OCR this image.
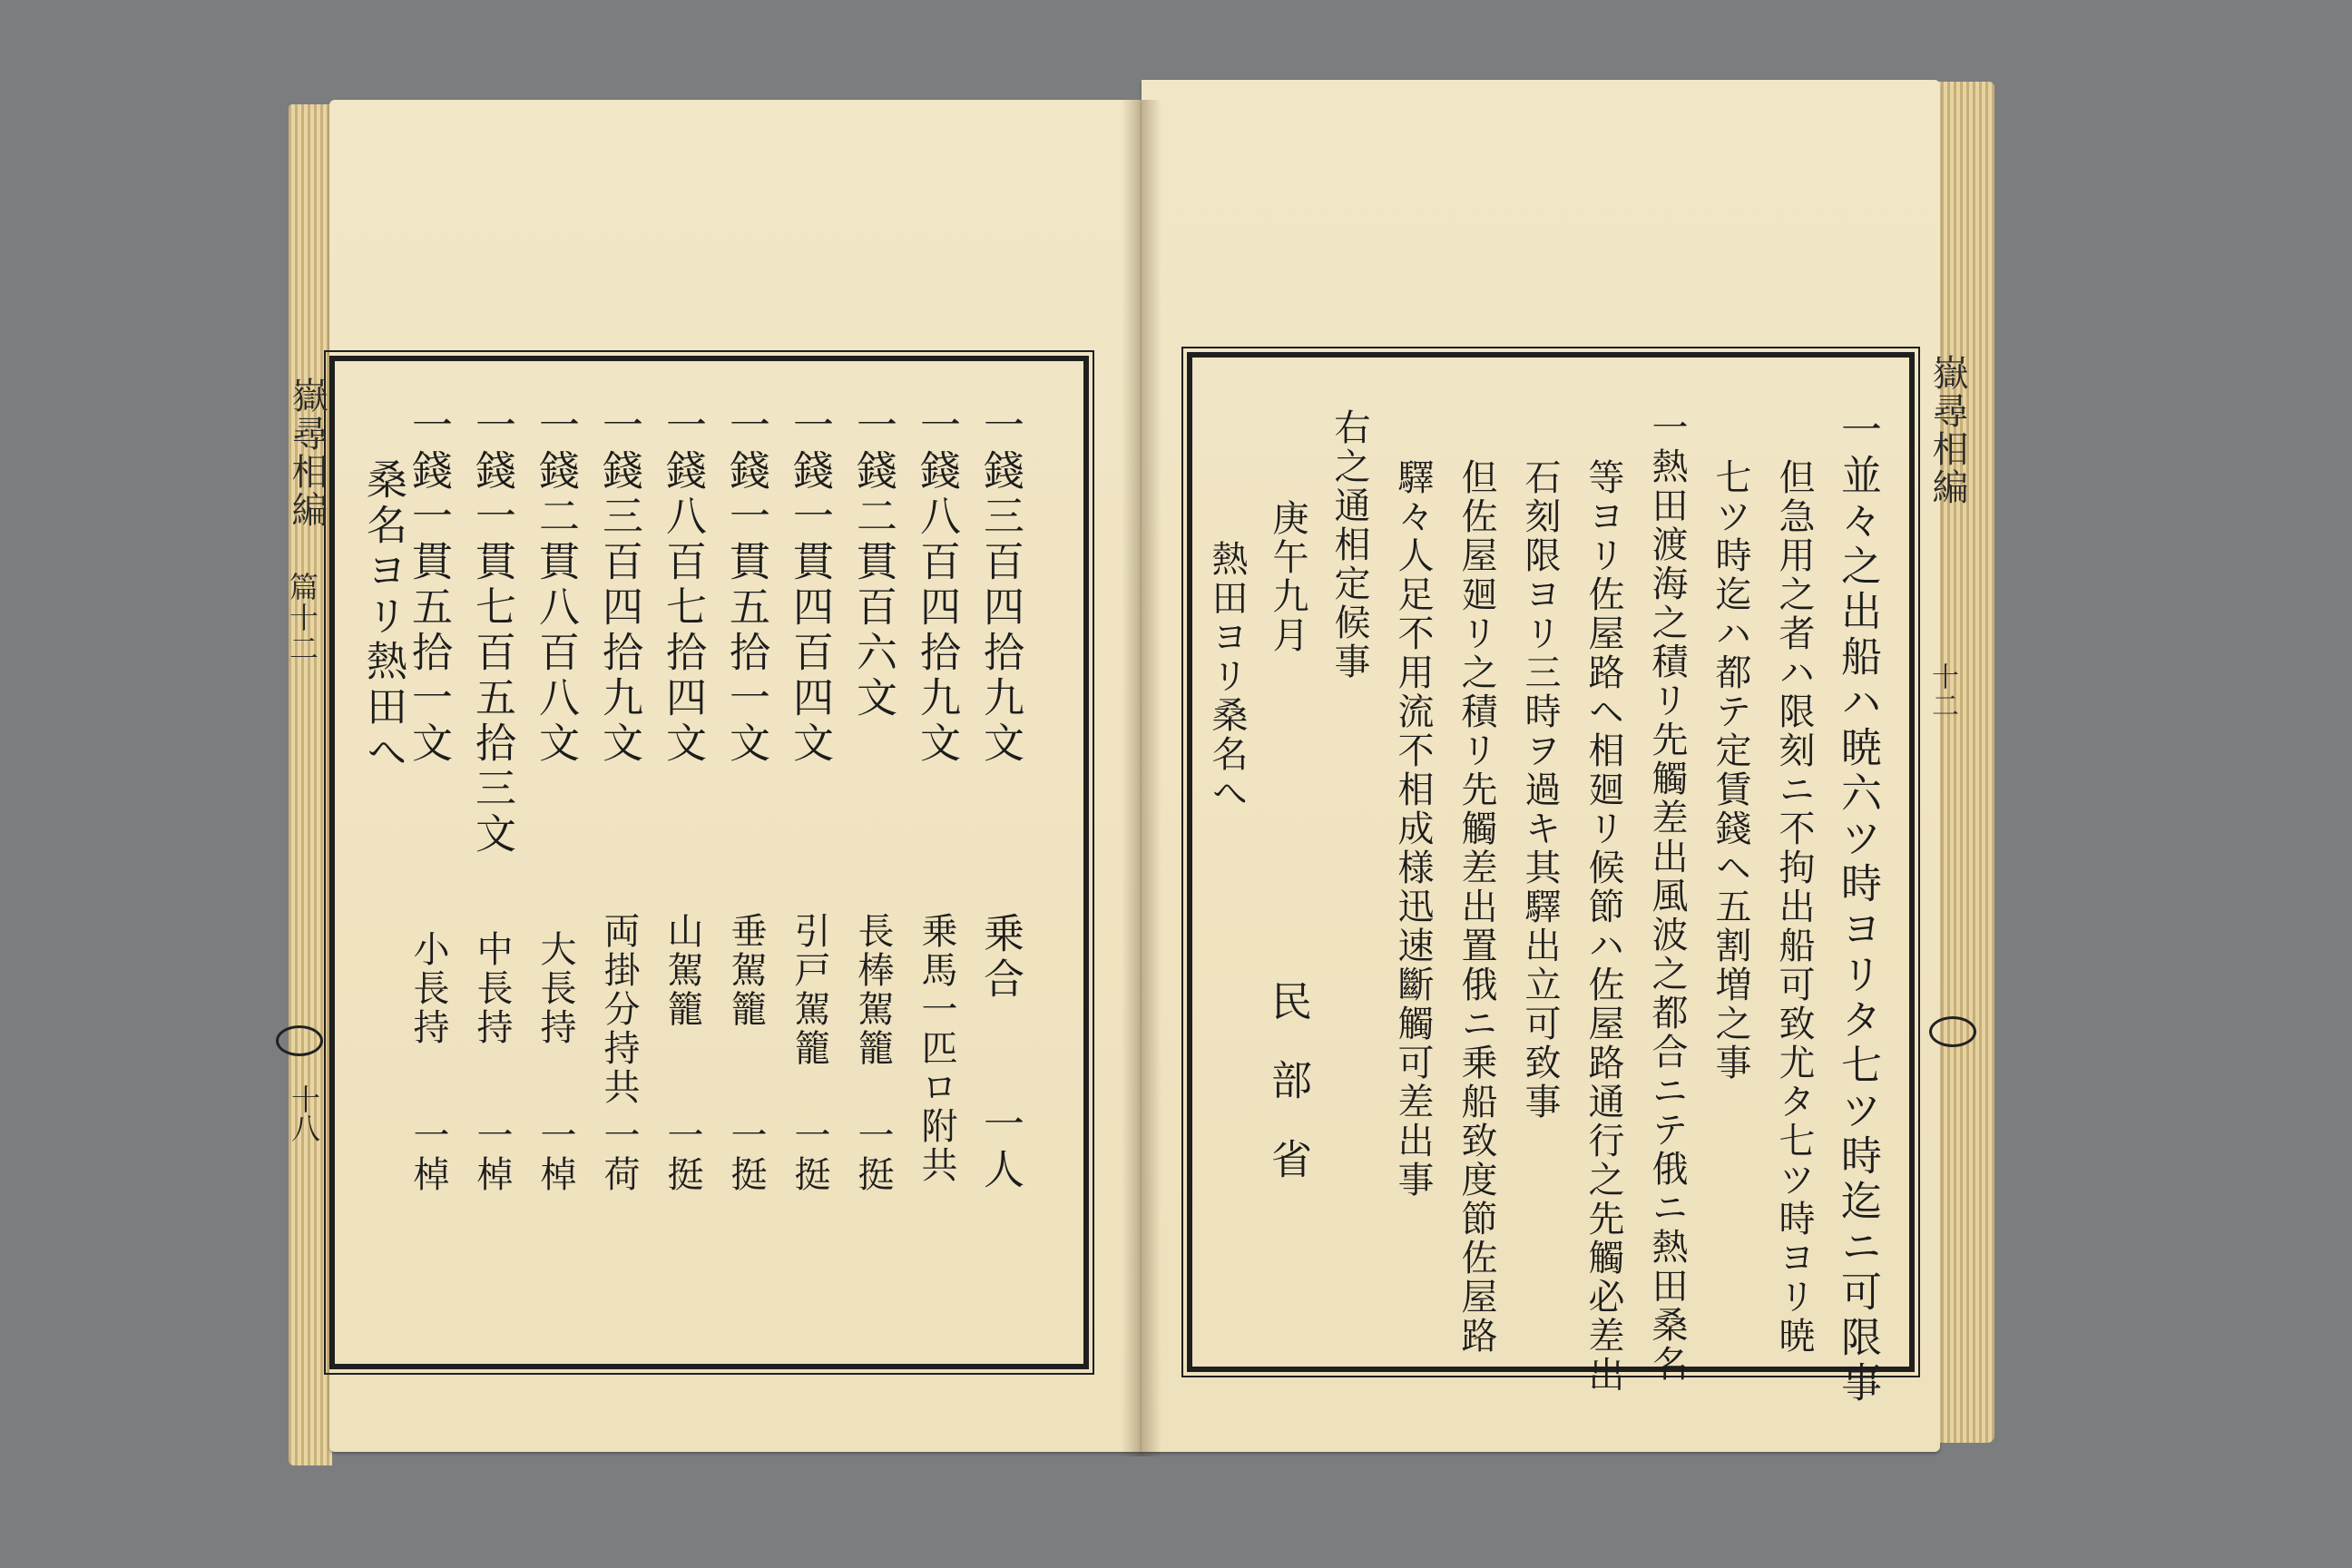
嶽尋相編
篇十二
十八
一錢三百四拾九文
一錢八百四拾九文
一錢二貫百六文
一錢一貫四百四文
一錢一貫五拾一文
一錢八百七拾四文
一錢三百四拾九文
一錢二貫八百八文
一錢一貫七百五拾三文
一錢一貫五拾一文
桑名ヨリ熱田へ
乗合
一人
乗馬一匹ロ附共
長棒駕籠
一挺
引戸駕籠
一挺
垂駕籠
一挺
山駕籠
一挺
両掛分持共
一荷
大長持
一棹
中長持
一棹
小長持
一棹
嶽尋相編
十二
一並々之出船ハ暁六ツ時ヨリタ七ツ時迄ニ可限事
但急用之者ハ限刻ニ不拘出船可致尤タ七ツ時ヨリ暁
七ツ時迄ハ都テ定賃錢ヘ五割増之事
一熱田渡海之積リ先觸差出風波之都合ニテ俄ニ熱田桑名
等ヨリ佐屋路ヘ相廻リ候節ハ佐屋路通行之先觸必差出
石刻限ヨリ三時ヲ過キ其驛出立可致事
但佐屋廻リ之積リ先觸差出置俄ニ乗船致度節佐屋路
驛々人足不用流不相成様迅速斷觸可差出事
右之通相定候事
庚午九月
民部省
熱田ヨリ桑名へ
